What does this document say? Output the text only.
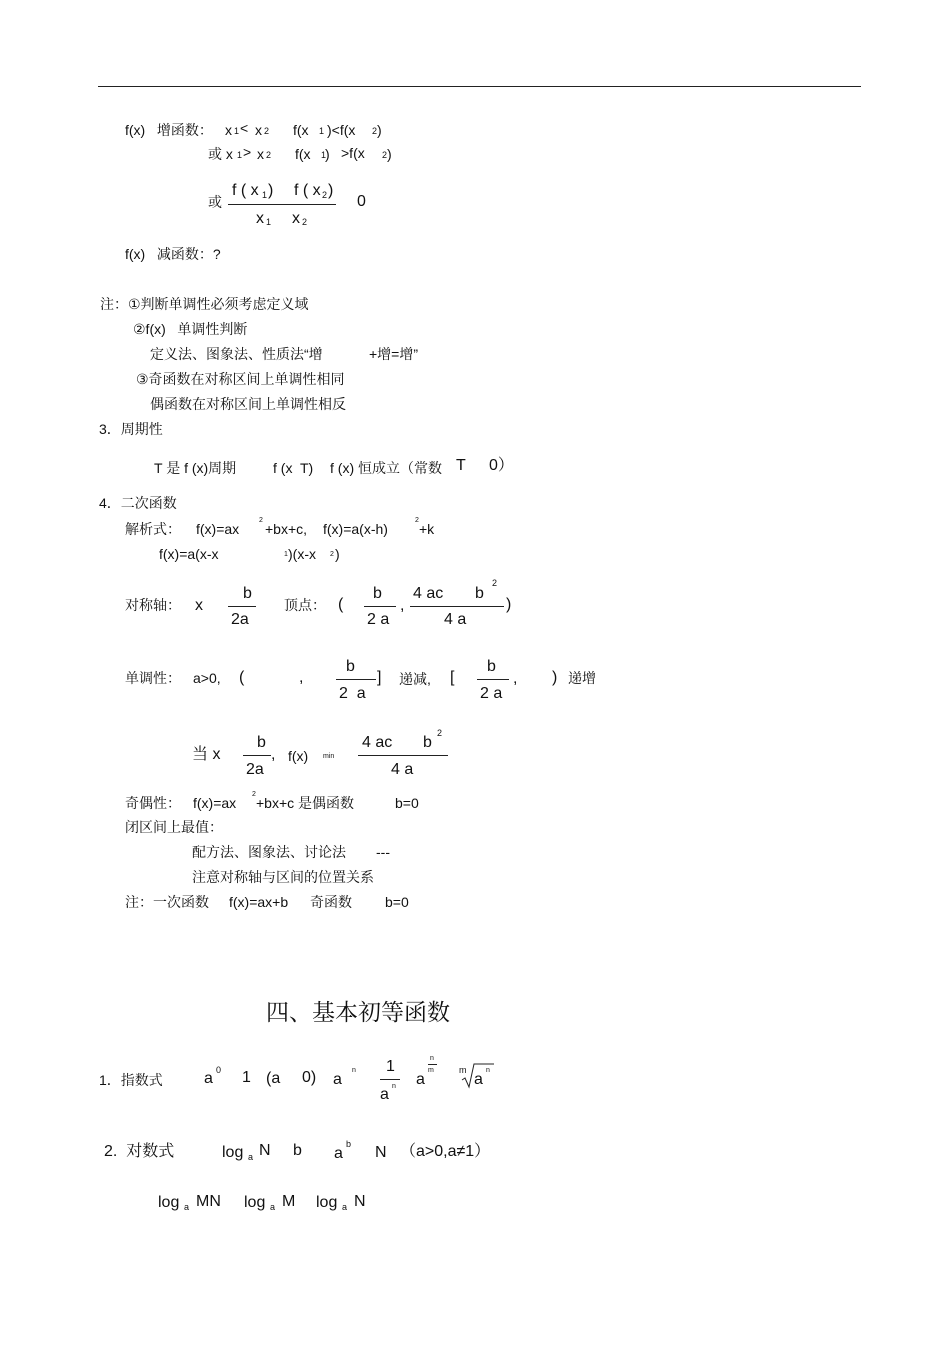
f(x)   增函数： x 1 < x 2 f(x 1 )<f(x 2 )
或 x 1 > x 2 f(x 1
) >f(x 2 )
或
f ( x 1 ) f ( x 2 )
x 1 x 2
0
f(x)   减函数：?
注：①判断单调性必须考虑定义域
②f(x)   单调性判断
定义法、图象法、性质法“增	+增=增”
③奇函数在对称区间上单调性相同
偶函数在对称区间上单调性相反
3．周期性
T 是 f (x)周期	f (x  T) f (x) 恒成立（常数 T 0）
4．二次函数
解析式： f(x)=ax
2
+bx+c, f(x)=a(x-h)
2
+k
f(x)=a(x-x	1 )(x-x 2 )
对称轴： x
b
2a
顶点： (
b
2 a
,
4 ac b
2
4 a
)
单调性： a>0, (	,
b
2  a
] 递减, [
b
2 a
, ) 递增
当 x
b
2a
, f(x) min
4 ac b
2
4 a
奇偶性： f(x)=ax
2
+bx+c 是偶函数	b=0
闭区间上最值：
配方法、图象法、讨论法 ---
注意对称轴与区间的位置关系
注：一次函数 f(x)=ax+b 奇函数 b=0
四、基本初等函数
1．指数式	a 0 1 (a 0) a
n 1
a n a
n
m	m
a
n
2.  对数式	log a N b a
b N （a>0,a≠1）
log a MN log a M log a N
